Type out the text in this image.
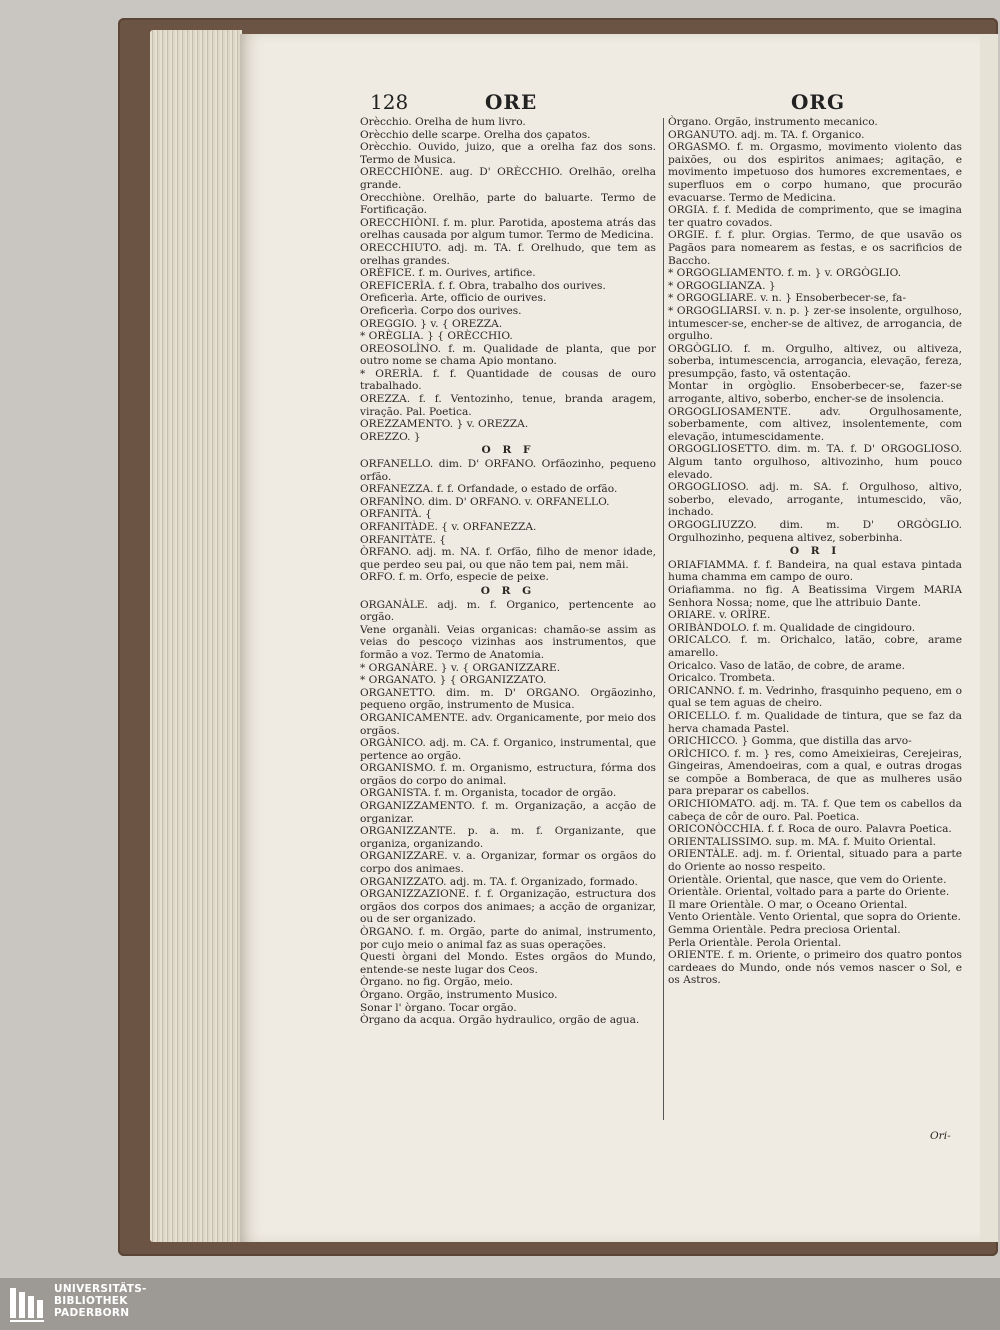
128	ORE	ORG

Orècchio. Orelha de hum livro.

Orècchio delle scarpe. Orelha dos çapatos.

Orècchio. Ouvido, juizo, que a orelha faz dos sons. Termo de Musica.

ORECCHIÒNE. aug. D' ORÈCCHIO. Orelhão, orelha grande.

Orecchiòne. Orelhão, parte do baluarte. Termo de Fortificação.

ORECCHIÒNI. f. m. plur. Parotida, apostema atrás das orelhas causada por algum tumor. Termo de Medicina.

ORECCHIUTO. adj. m. TA. f. Orelhudo, que tem as orelhas grandes.

ORÈFICE. f. m. Ourives, artifice.

OREFICERÌA. f. f. Obra, trabalho dos ourives.

Oreficerìa. Arte, officio de ourives.

Oreficerìa. Corpo dos ourives.

OREGGIO. } v. { OREZZA.

* ORÈGLIA. } { ORÈCCHIO.

OREOSOLÌNO. f. m. Qualidade de planta, que por outro nome se chama Apio montano.

* ORERÌA. f. f. Quantidade de cousas de ouro trabalhado.

OREZZA. f. f. Ventozinho, tenue, branda aragem, viração. Pal. Poetica.

OREZZAMENTO. } v. OREZZA.

OREZZO. }

O R F

ORFANELLO. dim. D' ORFANO. Orfãozinho, pequeno orfão.

ORFANEZZA. f. f. Orfandade, o estado de orfão.

ORFANÌNO. dim. D' ORFANO. v. ORFANELLO.

ORFANITÀ. {

ORFANITÀDE. { v. ORFANEZZA.

ORFANITÀTE. {

ÒRFANO. adj. m. NA. f. Orfão, filho de menor idade, que perdeo seu pai, ou que não tem pai, nem mãi.

ORFO. f. m. Orfo, especie de peixe.

O R G

ORGANÀLE. adj. m. f. Organico, pertencente ao orgão.

Vene organàli. Veias organicas: chamão-se assim as veias do pescoço vizinhas aos instrumentos, que formão a voz. Termo de Anatomia.

* ORGANÀRE. } v. { ORGANIZZARE.

* ORGANATO. } { ORGANIZZATO.

ORGANETTO. dim. m. D' ORGANO. Orgãozinho, pequeno orgão, instrumento de Musica.

ORGANICAMENTE. adv. Organicamente, por meio dos orgãos.

ORGÀNICO. adj. m. CA. f. Organico, instrumental, que pertence ao orgão.

ORGANISMO. f. m. Organismo, estructura, fórma dos orgãos do corpo do animal.

ORGANISTA. f. m. Organista, tocador de orgão.

ORGANIZZAMENTO. f. m. Organização, a acção de organizar.

ORGANIZZANTE. p. a. m. f. Organizante, que organiza, organizando.

ORGANIZZARE. v. a. Organizar, formar os orgãos do corpo dos animaes.

ORGANIZZATO. adj. m. TA. f. Organizado, formado.

ORGANIZZAZIONE. f. f. Organização, estructura dos orgãos dos corpos dos animaes; a acção de organizar, ou de ser organizado.

ÒRGANO. f. m. Orgão, parte do animal, instrumento, por cujo meio o animal faz as suas operações.

Questi òrgani del Mondo. Estes orgãos do Mundo, entende-se neste lugar dos Ceos.

Òrgano. no fig. Orgão, meio.

Òrgano. Orgão, instrumento Musico.

Sonar l' òrgano. Tocar orgão.

Òrgano da acqua. Orgão hydraulico, orgão de agua.

Òrgano. Orgão, instrumento mecanico.

ORGANUTO. adj. m. TA. f. Organico.

ORGASMO. f. m. Orgasmo, movimento violento das paixões, ou dos espiritos animaes; agitação, e movimento impetuoso dos humores excrementaes, e superfluos em o corpo humano, que procurão evacuarse. Termo de Medicina.

ORGIA. f. f. Medida de comprimento, que se imagina ter quatro covados.

ORGIE. f. f. plur. Orgias. Termo, de que usavão os Pagãos para nomearem as festas, e os sacrificios de Baccho.

* ORGOGLIAMENTO. f. m. } v. ORGÒGLIO.

* ORGOGLIANZA. }

* ORGOGLIARE. v. n. } Ensoberbecer-se, fa-

* ORGOGLIARSI. v. n. p. } zer-se insolente, orgulhoso, intumescer-se, encher-se de altivez, de arrogancia, de orgulho.

ORGÒGLIO. f. m. Orgulho, altivez, ou altiveza, soberba, intumescencia, arrogancia, elevação, fereza, presumpção, fasto, vã ostentação.

Montar in orgòglio. Ensoberbecer-se, fazer-se arrogante, altivo, soberbo, encher-se de insolencia.

ORGOGLIOSAMENTE. adv. Orgulhosamente, soberbamente, com altivez, insolentemente, com elevação, intumescidamente.

ORGOGLIOSETTO. dim. m. TA. f. D' ORGOGLIOSO. Algum tanto orgulhoso, altivozinho, hum pouco elevado.

ORGOGLIOSO. adj. m. SA. f. Orgulhoso, altivo, soberbo, elevado, arrogante, intumescido, vão, inchado.

ORGOGLIUZZO. dim. m. D' ORGÒGLIO. Orgulhozinho, pequena altivez, soberbinha.

O R I

ORIAFIAMMA. f. f. Bandeira, na qual estava pintada huma chamma em campo de ouro.

Oriafiamma. no fig. A Beatissima Virgem MARIA Senhora Nossa; nome, que lhe attribuio Dante.

ORIARE. v. ORÌRE.

ORIBÀNDOLO. f. m. Qualidade de cingidouro.

ORICALCO. f. m. Orichalco, latão, cobre, arame amarello.

Oricalco. Vaso de latão, de cobre, de arame.

Oricalco. Trombeta.

ORICANNO. f. m. Vedrinho, frasquinho pequeno, em o qual se tem aguas de cheiro.

ORICELLO. f. m. Qualidade de tintura, que se faz da herva chamada Pastel.

ORICHICCO. } Gomma, que distilla das arvo-

ORÌCHICO. f. m. } res, como Ameixieiras, Cerejeiras, Gingeiras, Amendoeiras, com a qual, e outras drogas se compõe a Bomberaca, de que as mulheres usão para preparar os cabellos.

ORICHIOMATO. adj. m. TA. f. Que tem os cabellos da cabeça de côr de ouro. Pal. Poetica.

ORICONÒCCHIA. f. f. Roca de ouro. Palavra Poetica.

ORIENTALISSIMO. sup. m. MA. f. Muito Oriental.

ORIENTÀLE. adj. m. f. Oriental, situado para a parte do Oriente ao nosso respeito.

Orientàle. Oriental, que nasce, que vem do Oriente.

Orientàle. Oriental, voltado para a parte do Oriente.

Il mare Orientàle. O mar, o Oceano Oriental.

Vento Orientàle. Vento Oriental, que sopra do Oriente.

Gemma Orientàle. Pedra preciosa Oriental.

Perla Orientàle. Perola Oriental.

ORIENTE. f. m. Oriente, o primeiro dos quatro pontos cardeaes do Mundo, onde nós vemos nascer o Sol, e os Astros.

Ori-
UNIVERSITÄTS-
BIBLIOTHEK
PADERBORN
